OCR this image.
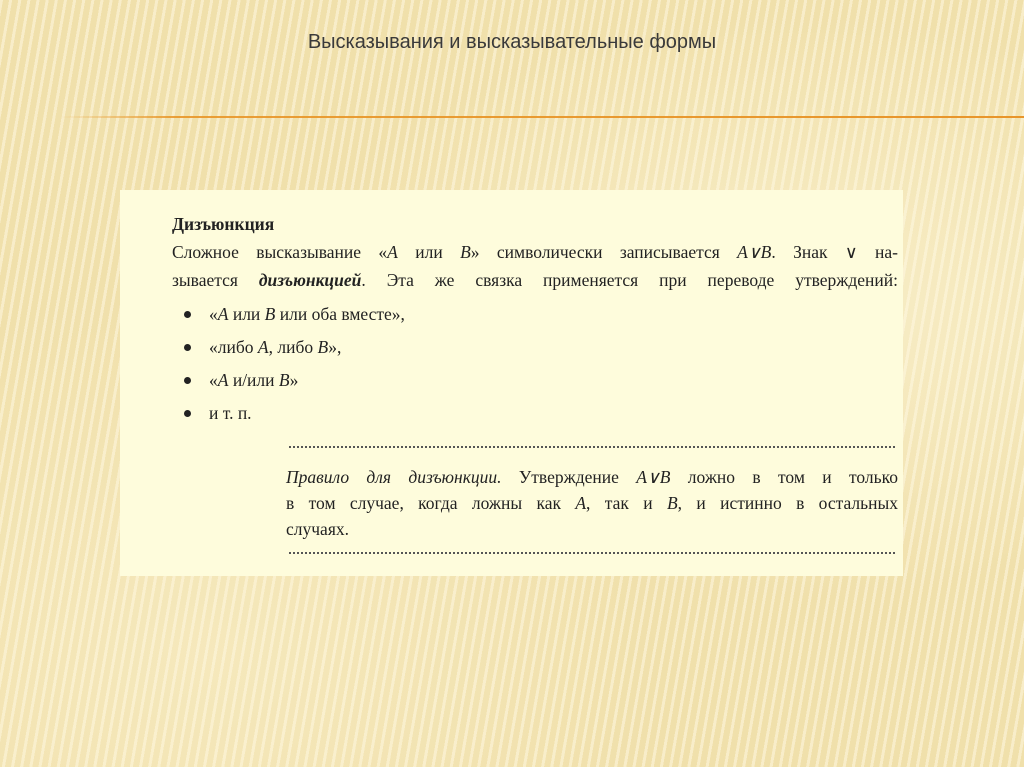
Высказывания и высказывательные формы

Дизъюнкция

Сложное высказывание «A или B» символически записывается A∨B. Знак ∨ на-
зывается дизъюнкцией. Эта же связка применяется при переводе утверждений:

«A или B или оба вместе»,
«либо A, либо B»,
«A и/или B»
и т. п.
Правило для дизъюнкции. Утверждение A∨B ложно в том и только
в том случае, когда ложны как A, так и B, и истинно в остальных
случаях.
